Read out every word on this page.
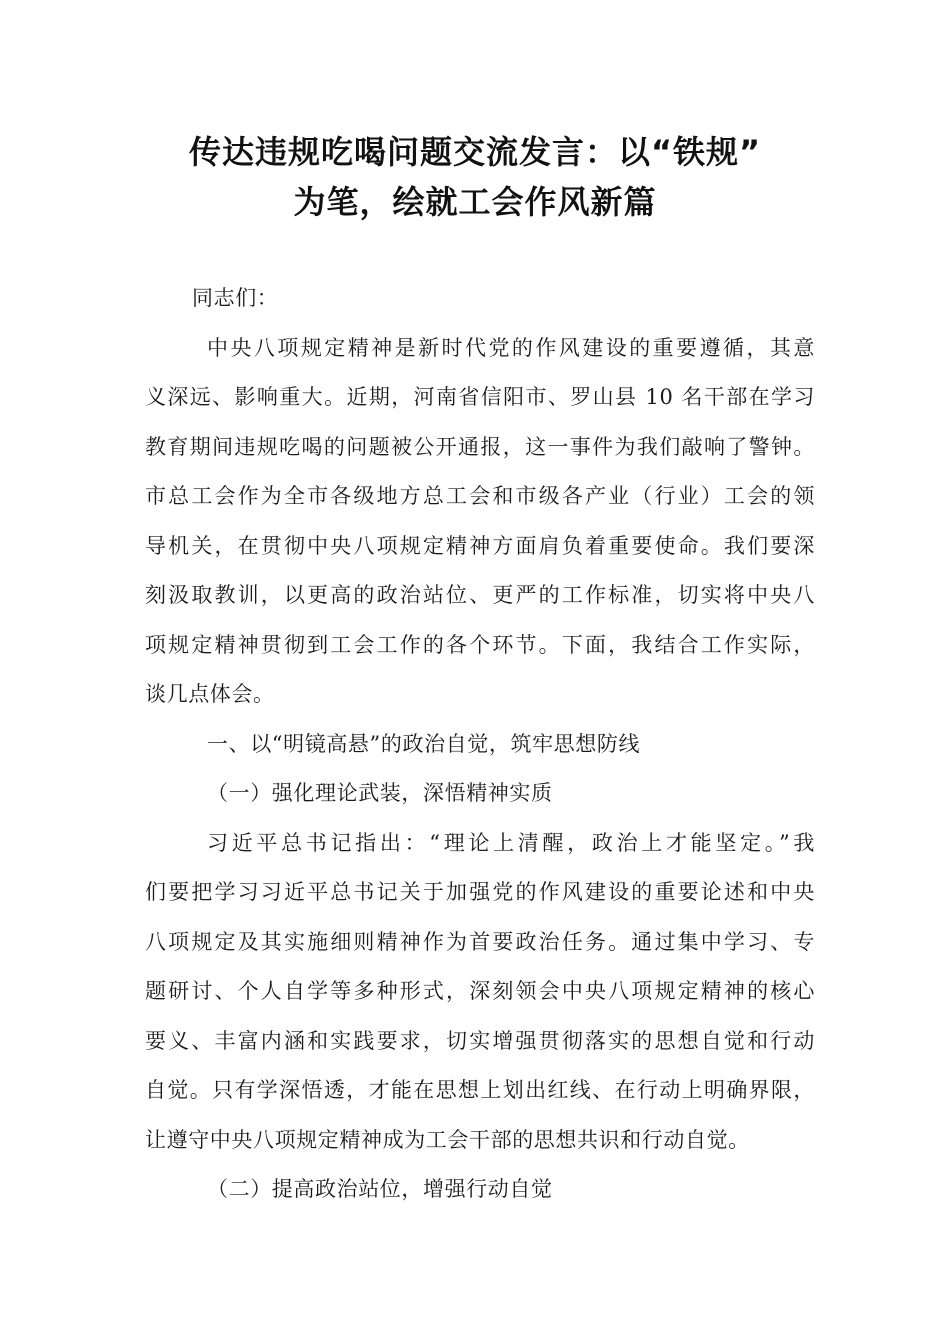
传达违规吃喝问题交流发言：以“铁规”
为笔，绘就工会作风新篇
同志们：
中央八项规定精神是新时代党的作风建设的重要遵循，其意
义深远、影响重大。近期，河南省信阳市、罗山县 10 名干部在学习
教育期间违规吃喝的问题被公开通报，这一事件为我们敲响了警钟。
市总工会作为全市各级地方总工会和市级各产业（行业）工会的领
导机关，在贯彻中央八项规定精神方面肩负着重要使命。我们要深
刻汲取教训，以更高的政治站位、更严的工作标准，切实将中央八
项规定精神贯彻到工会工作的各个环节。下面，我结合工作实际，
谈几点体会。
一、以“明镜高悬”的政治自觉，筑牢思想防线
（一）强化理论武装，深悟精神实质
习近平总书记指出：“理论上清醒，政治上才能坚定。”我
们要把学习习近平总书记关于加强党的作风建设的重要论述和中央
八项规定及其实施细则精神作为首要政治任务。通过集中学习、专
题研讨、个人自学等多种形式，深刻领会中央八项规定精神的核心
要义、丰富内涵和实践要求，切实增强贯彻落实的思想自觉和行动
自觉。只有学深悟透，才能在思想上划出红线、在行动上明确界限，
让遵守中央八项规定精神成为工会干部的思想共识和行动自觉。
（二）提高政治站位，增强行动自觉
